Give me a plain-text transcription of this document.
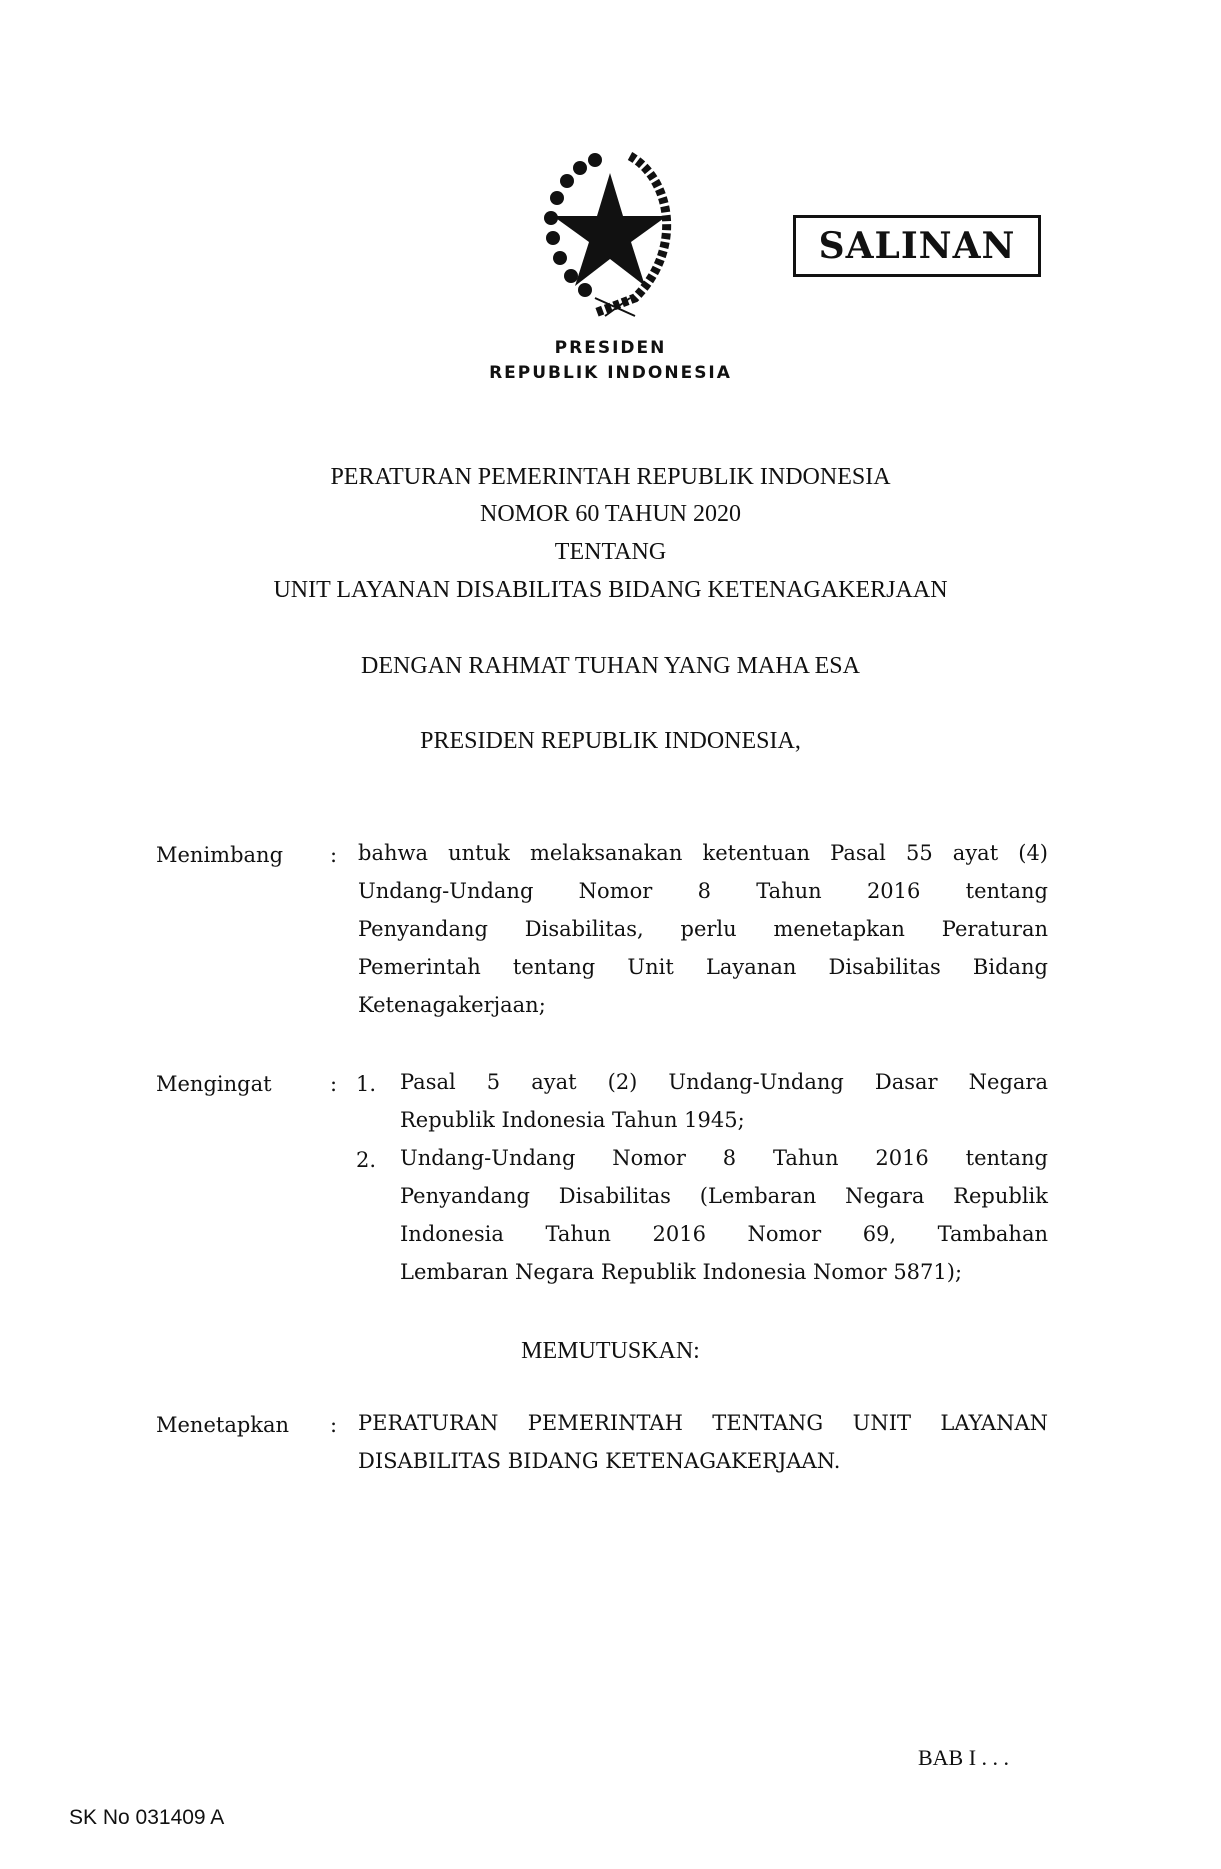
SALINAN
PRESIDEN
REPUBLIK INDONESIA
PERATURAN PEMERINTAH REPUBLIK INDONESIA
NOMOR 60 TAHUN 2020
TENTANG
UNIT LAYANAN DISABILITAS BIDANG KETENAGAKERJAAN
DENGAN RAHMAT TUHAN YANG MAHA ESA
PRESIDEN REPUBLIK INDONESIA,
Menimbang : bahwa untuk melaksanakan ketentuan Pasal 55 ayat (4)
Undang-Undang Nomor 8 Tahun 2016 tentang
Penyandang Disabilitas, perlu menetapkan Peraturan
Pemerintah tentang Unit Layanan Disabilitas Bidang
Ketenagakerjaan;
Mengingat	: 1. Pasal 5 ayat (2) Undang-Undang Dasar Negara
Republik Indonesia Tahun 1945;
2. Undang-Undang Nomor 8 Tahun 2016 tentang
Penyandang Disabilitas (Lembaran Negara Republik
Indonesia Tahun 2016 Nomor 69, Tambahan
Lembaran Negara Republik Indonesia Nomor 5871);
MEMUTUSKAN:
Menetapkan : PERATURAN PEMERINTAH TENTANG UNIT LAYANAN
DISABILITAS BIDANG KETENAGAKERJAAN.
BAB I . . .
SK No 031409 A
